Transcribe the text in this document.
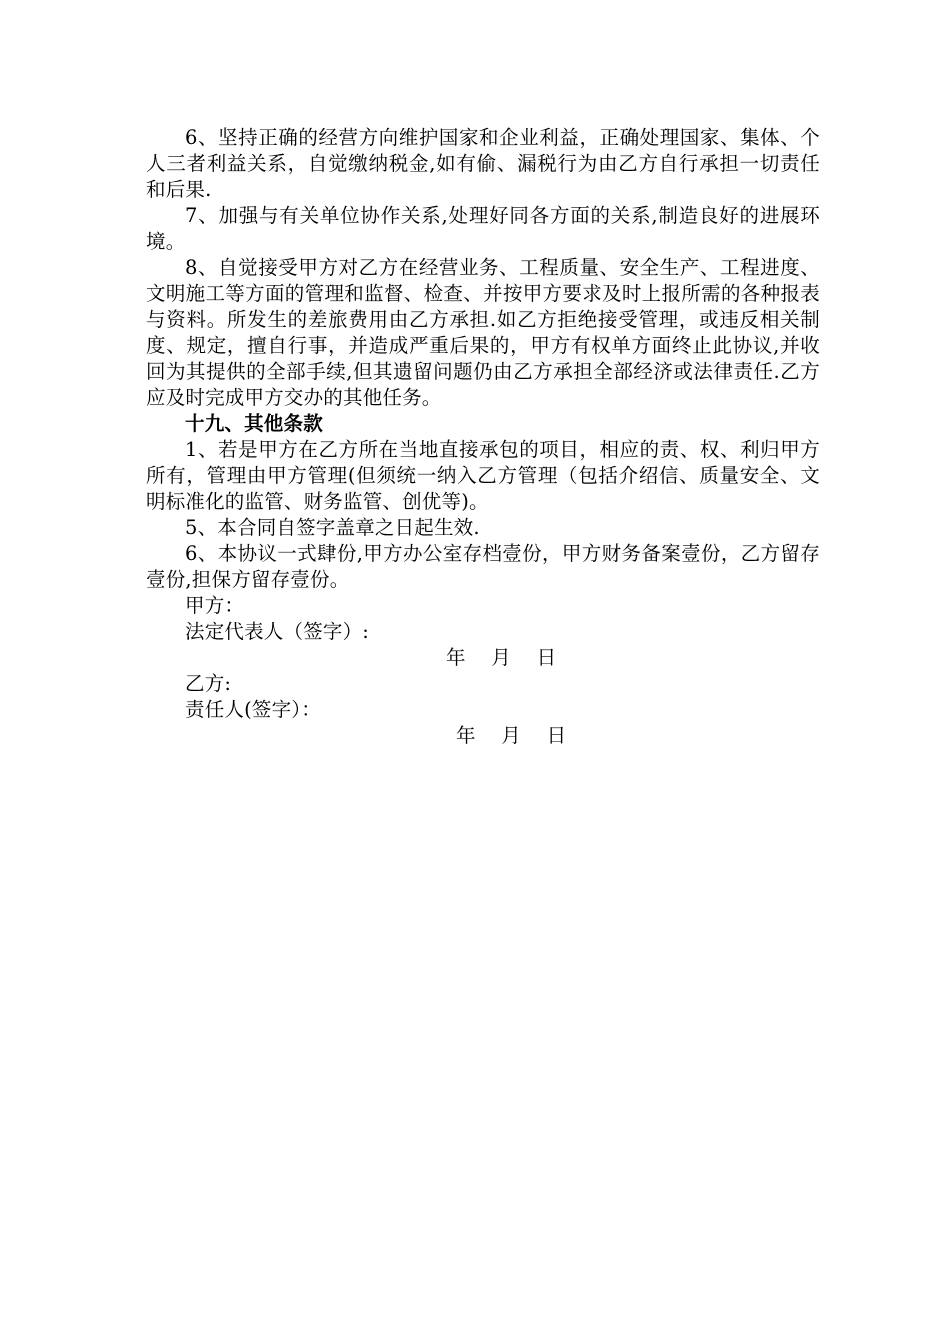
6、坚持正确的经营方向维护国家和企业利益，正确处理国家、集体、个人三者利益关系，自觉缴纳税金,如有偷、漏税行为由乙方自行承担一切责任和后果.

7、加强与有关单位协作关系,处理好同各方面的关系,制造良好的进展环境。

8、自觉接受甲方对乙方在经营业务、工程质量、安全生产、工程进度、文明施工等方面的管理和监督、检查、并按甲方要求及时上报所需的各种报表与资料。所发生的差旅费用由乙方承担.如乙方拒绝接受管理，或违反相关制度、规定，擅自行事，并造成严重后果的，甲方有权单方面终止此协议,并收回为其提供的全部手续,但其遗留问题仍由乙方承担全部经济或法律责任.乙方应及时完成甲方交办的其他任务。

十九、其他条款

1、若是甲方在乙方所在当地直接承包的项目，相应的责、权、利归甲方所有，管理由甲方管理(但须统一纳入乙方管理（包括介绍信、质量安全、文明标准化的监管、财务监管、创优等)。

5、本合同自签字盖章之日起生效.

6、本协议一式肆份,甲方办公室存档壹份，甲方财务备案壹份，乙方留存壹份,担保方留存壹份。

甲方：

法定代表人（签字）:

年    月    日

乙方:

责任人(签字）：

年    月    日
